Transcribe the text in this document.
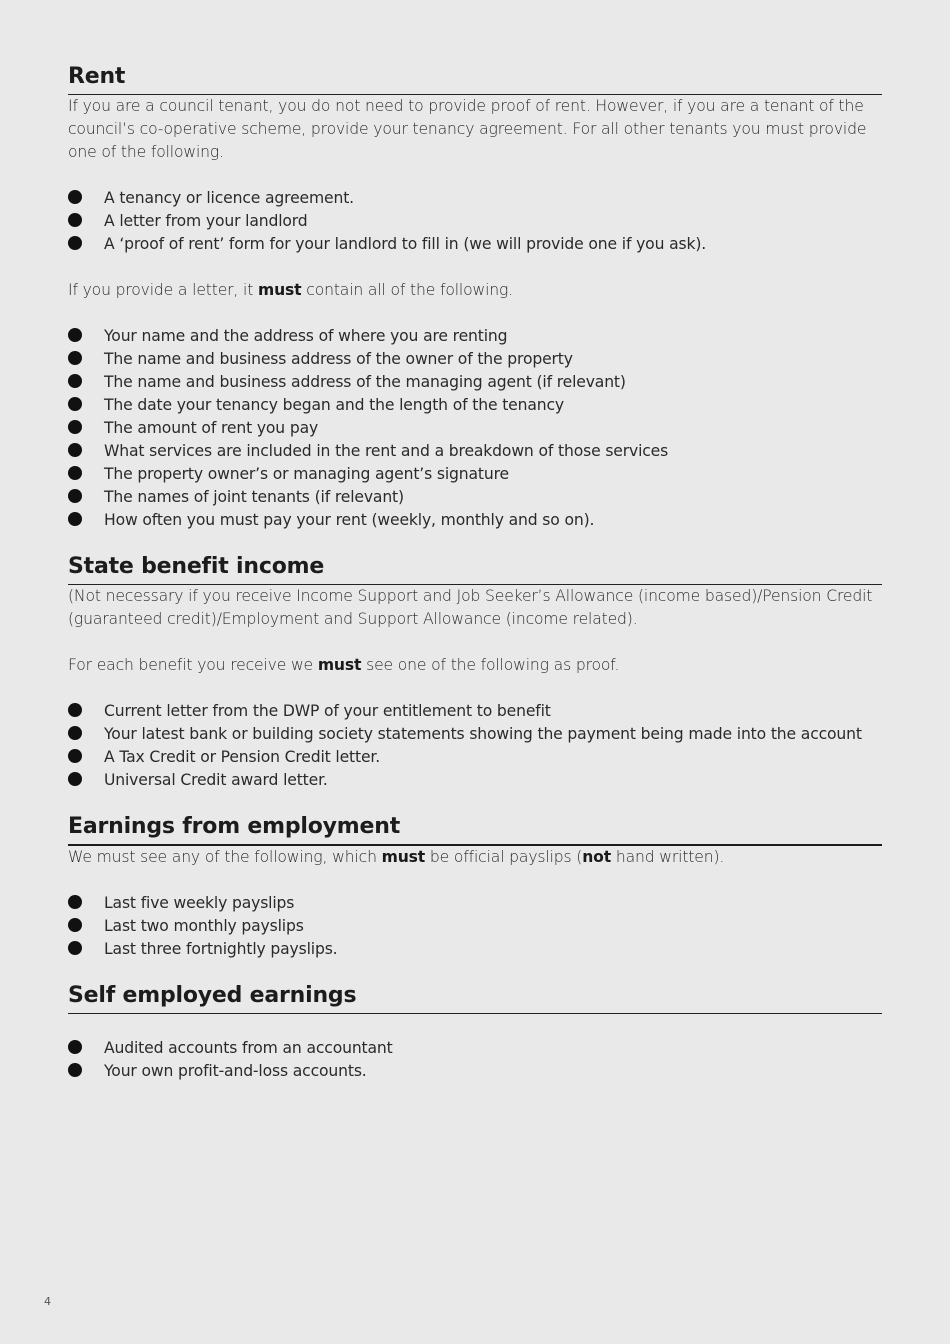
Rent

If you are a council tenant, you do not need to provide proof of rent. However, if you are a tenant of the council’s co-operative scheme, provide your tenancy agreement. For all other tenants you must provide one of the following.

A tenancy or licence agreement.
A letter from your landlord
A ‘proof of rent’ form for your landlord to fill in (we will provide one if you ask).

If you provide a letter, it must contain all of the following.

Your name and the address of where you are renting
The name and business address of the owner of the property
The name and business address of the managing agent (if relevant)
The date your tenancy began and the length of the tenancy
The amount of rent you pay
What services are included in the rent and a breakdown of those services
The property owner’s or managing agent’s signature
The names of joint tenants (if relevant)
How often you must pay your rent (weekly, monthly and so on).
State benefit income

(Not necessary if you receive Income Support and Job Seeker’s Allowance (income based)/Pension Credit (guaranteed credit)/Employment and Support Allowance (income related).

For each benefit you receive we must see one of the following as proof.

Current letter from the DWP of your entitlement to benefit
Your latest bank or building society statements showing the payment being made into the account
A Tax Credit or Pension Credit letter.
Universal Credit award letter.
Earnings from employment

We must see any of the following, which must be official payslips (not hand written).

Last five weekly payslips
Last two monthly payslips
Last three fortnightly payslips.
Self employed earnings
Audited accounts from an accountant
Your own profit-and-loss accounts.
4
